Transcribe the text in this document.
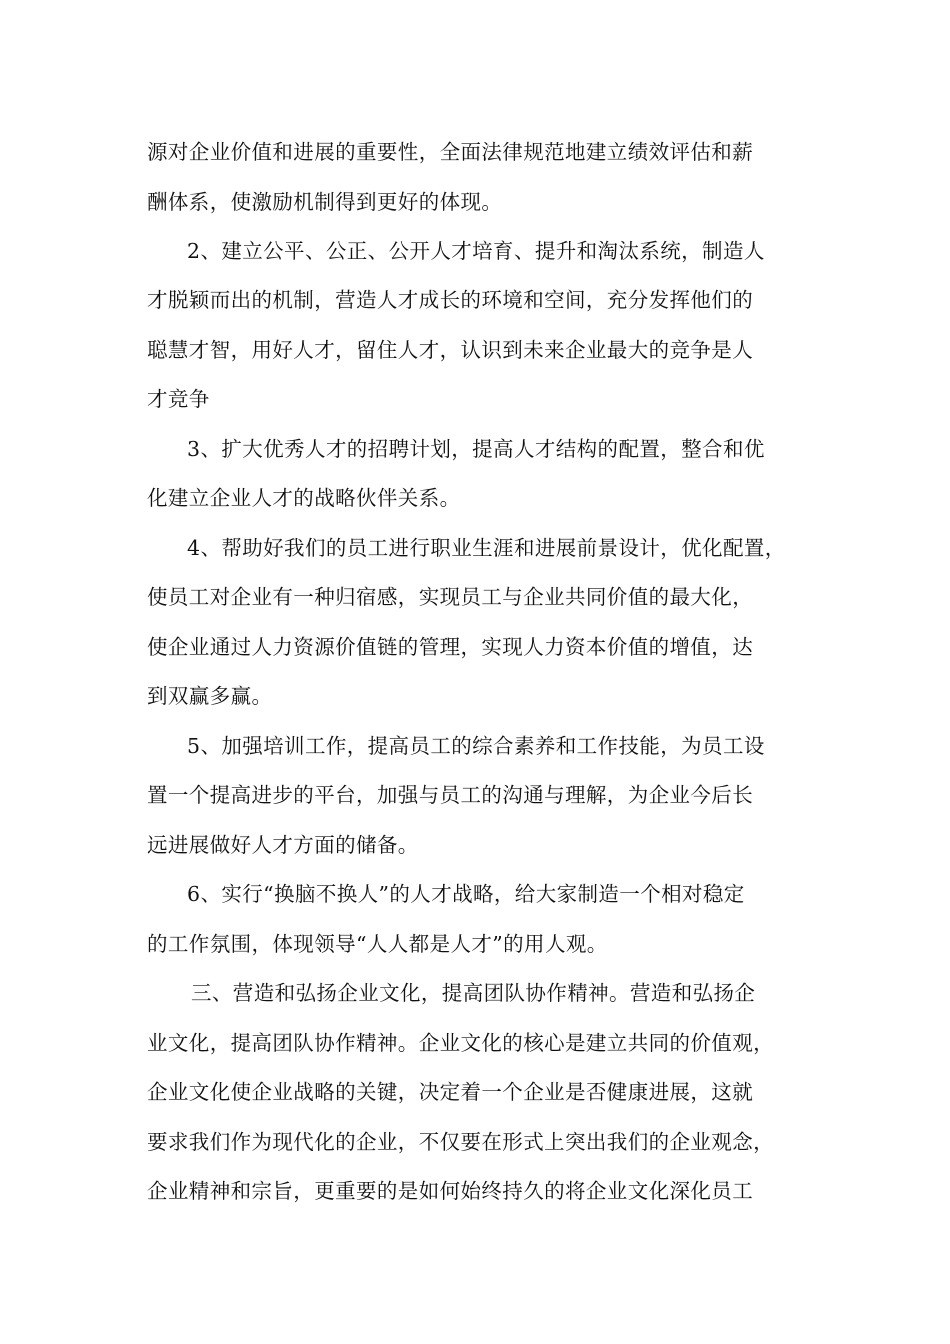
源对企业价值和进展的重要性，全面法律规范地建立绩效评估和薪
酬体系，使激励机制得到更好的体现。
2、建立公平、公正、公开人才培育、提升和淘汰系统，制造人
才脱颖而出的机制，营造人才成长的环境和空间，充分发挥他们的
聪慧才智，用好人才，留住人才，认识到未来企业最大的竞争是人
才竞争
3、扩大优秀人才的招聘计划，提高人才结构的配置，整合和优
化建立企业人才的战略伙伴关系。
4、帮助好我们的员工进行职业生涯和进展前景设计，优化配置，
使员工对企业有一种归宿感，实现员工与企业共同价值的最大化，
使企业通过人力资源价值链的管理，实现人力资本价值的增值，达
到双赢多赢。
5、加强培训工作，提高员工的综合素养和工作技能，为员工设
置一个提高进步的平台，加强与员工的沟通与理解，为企业今后长
远进展做好人才方面的储备。
6、实行“换脑不换人”的人才战略，给大家制造一个相对稳定
的工作氛围，体现领导“人人都是人才”的用人观。
三、营造和弘扬企业文化，提高团队协作精神。营造和弘扬企
业文化，提高团队协作精神。企业文化的核心是建立共同的价值观，
企业文化使企业战略的关键，决定着一个企业是否健康进展，这就
要求我们作为现代化的企业，不仅要在形式上突出我们的企业观念，
企业精神和宗旨，更重要的是如何始终持久的将企业文化深化员工
